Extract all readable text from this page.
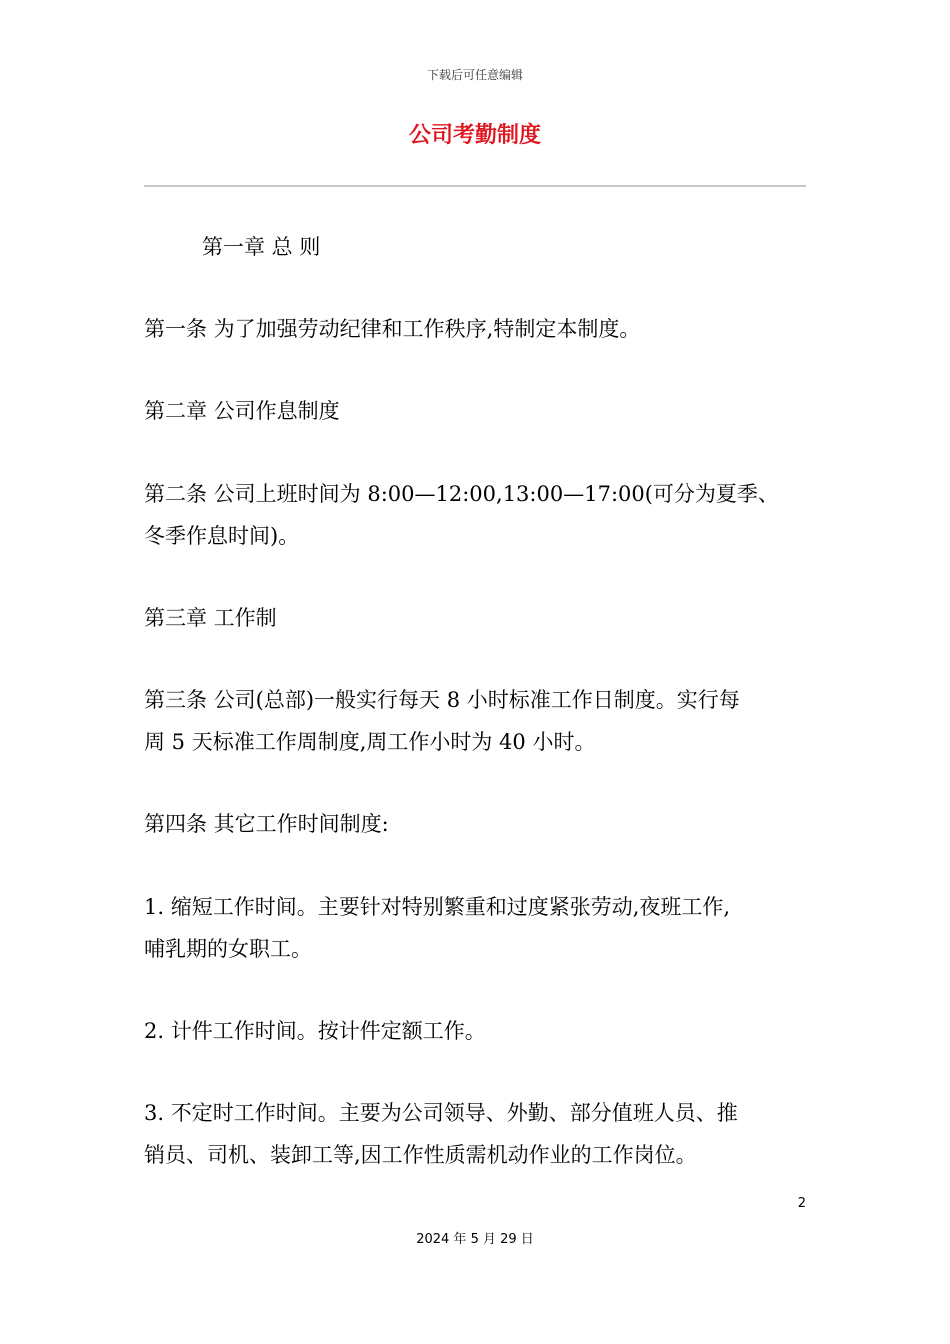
下载后可任意编辑
公司考勤制度

第一章 总 则

第一条 为了加强劳动纪律和工作秩序,特制定本制度。

第二章 公司作息制度

第二条 公司上班时间为 8:00—12:00,13:00—17:00(可分为夏季、

冬季作息时间)。

第三章 工作制

第三条 公司(总部)一般实行每天 8 小时标准工作日制度。实行每

周 5 天标准工作周制度,周工作小时为 40 小时。

第四条 其它工作时间制度:

1. 缩短工作时间。主要针对特别繁重和过度紧张劳动,夜班工作,

哺乳期的女职工。

2. 计件工作时间。按计件定额工作。

3. 不定时工作时间。主要为公司领导、外勤、部分值班人员、推

销员、司机、装卸工等,因工作性质需机动作业的工作岗位。

2
2024 年 5 月 29 日
